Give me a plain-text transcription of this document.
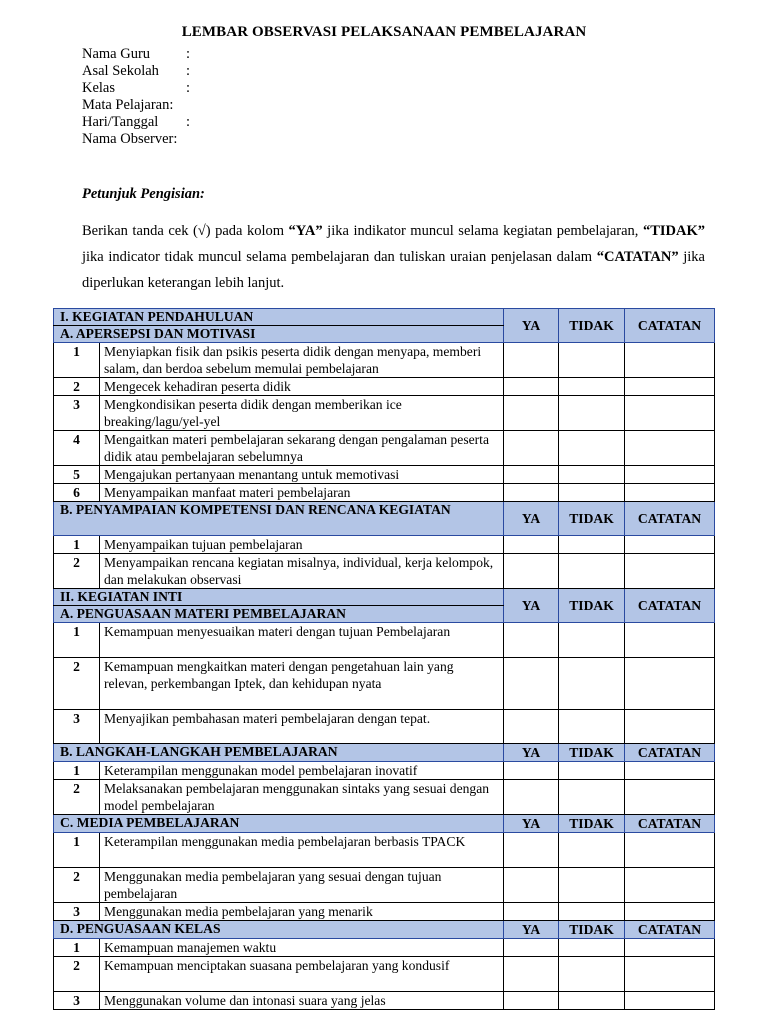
LEMBAR OBSERVASI PELAKSANAAN PEMBELAJARAN
Nama Guru	:
Asal Sekolah	:
Kelas	:
Mata Pelajaran :
Hari/Tanggal	:
Nama Observer :
Petunjuk Pengisian:
Berikan tanda cek (√) pada kolom “YA” jika indikator muncul selama kegiatan pembelajaran, “TIDAK” jika indicator tidak muncul selama pembelajaran dan tuliskan uraian penjelasan dalam “CATATAN” jika diperlukan keterangan lebih lanjut.
I. KEGIATAN PENDAHULUAN		YA	TIDAK	CATATAN
A. APERSEPSI DAN MOTIVASI				
1	Menyiapkan fisik dan psikis peserta didik dengan menyapa, memberi salam, dan berdoa sebelum memulai pembelajaran			
2	Mengecek kehadiran peserta didik			
3	Mengkondisikan peserta didik dengan memberikan ice breaking/lagu/yel-yel			
4	Mengaitkan materi pembelajaran sekarang dengan pengalaman peserta didik atau pembelajaran sebelumnya			
5	Mengajukan pertanyaan menantang untuk memotivasi			
6	Menyampaikan manfaat materi pembelajaran			
B. PENYAMPAIAN KOMPETENSI DAN RENCANA KEGIATAN		YA	TIDAK	CATATAN
1	Menyampaikan tujuan pembelajaran			
2	Menyampaikan rencana kegiatan misalnya, individual, kerja kelompok, dan melakukan observasi			
II. KEGIATAN INTI		YA	TIDAK	CATATAN
A. PENGUASAAN MATERI PEMBELAJARAN				
1	Kemampuan menyesuaikan materi dengan tujuan Pembelajaran			
2	Kemampuan mengkaitkan materi dengan pengetahuan lain yang relevan, perkembangan Iptek, dan kehidupan nyata			
3	Menyajikan pembahasan materi pembelajaran dengan tepat.			
B. LANGKAH-LANGKAH PEMBELAJARAN		YA	TIDAK	CATATAN
1	Keterampilan menggunakan model pembelajaran inovatif			
2	Melaksanakan pembelajaran menggunakan sintaks yang sesuai dengan model pembelajaran			
C. MEDIA PEMBELAJARAN		YA	TIDAK	CATATAN
1	Keterampilan menggunakan media pembelajaran berbasis TPACK			
2	Menggunakan media pembelajaran yang sesuai dengan tujuan pembelajaran			
3	Menggunakan media pembelajaran yang menarik			
D. PENGUASAAN KELAS		YA	TIDAK	CATATAN
1	Kemampuan manajemen waktu			
2	Kemampuan menciptakan suasana pembelajaran yang kondusif			
3	Menggunakan volume dan intonasi suara yang jelas			
